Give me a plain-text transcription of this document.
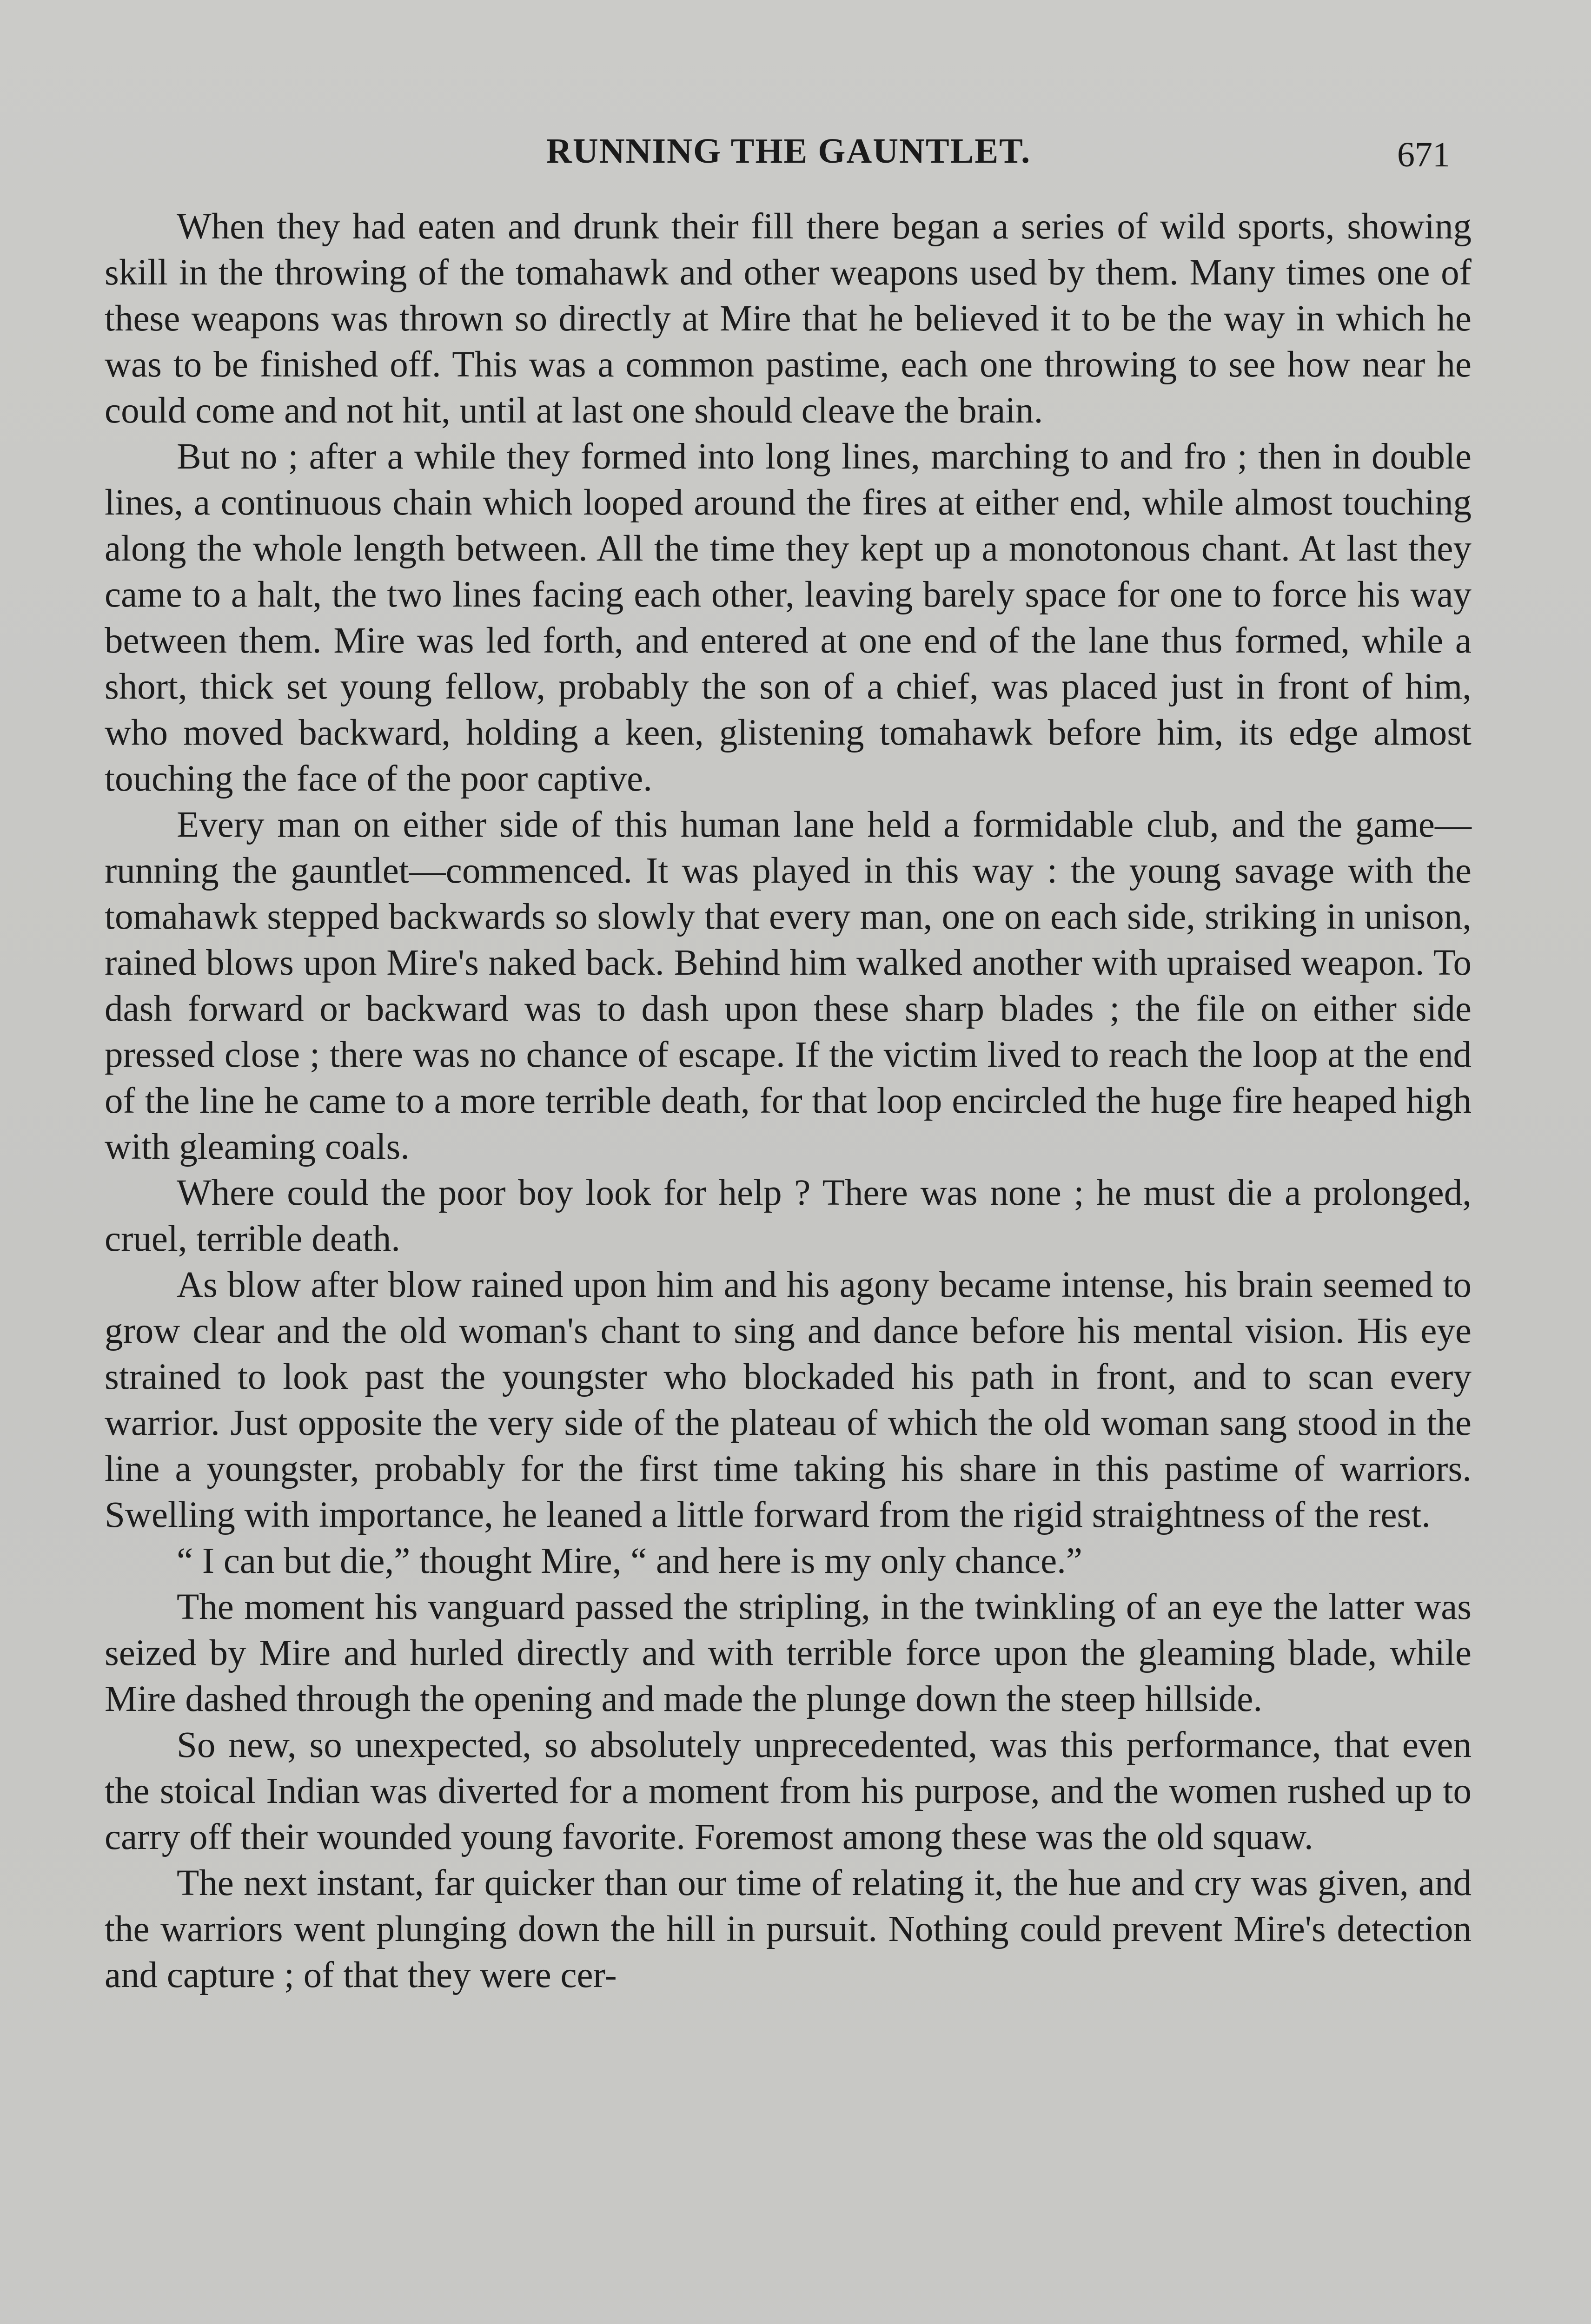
RUNNING THE GAUNTLET.	671

When they had eaten and drunk their fill there began a series of wild sports, showing skill in the throwing of the tomahawk and other weapons used by them. Many times one of these weapons was thrown so directly at Mire that he believed it to be the way in which he was to be finished off. This was a common pastime, each one throwing to see how near he could come and not hit, until at last one should cleave the brain.

But no ; after a while they formed into long lines, marching to and fro ; then in double lines, a continuous chain which looped around the fires at either end, while almost touching along the whole length between. All the time they kept up a monotonous chant. At last they came to a halt, the two lines facing each other, leaving barely space for one to force his way between them. Mire was led forth, and entered at one end of the lane thus formed, while a short, thick set young fellow, probably the son of a chief, was placed just in front of him, who moved backward, holding a keen, glistening tomahawk before him, its edge almost touching the face of the poor captive.

Every man on either side of this human lane held a formidable club, and the game—running the gauntlet—commenced. It was played in this way : the young savage with the tomahawk stepped backwards so slowly that every man, one on each side, striking in unison, rained blows upon Mire's naked back. Behind him walked another with upraised weapon. To dash forward or backward was to dash upon these sharp blades ; the file on either side pressed close ; there was no chance of escape. If the victim lived to reach the loop at the end of the line he came to a more terrible death, for that loop encircled the huge fire heaped high with gleaming coals.

Where could the poor boy look for help ? There was none ; he must die a prolonged, cruel, terrible death.

As blow after blow rained upon him and his agony became intense, his brain seemed to grow clear and the old woman's chant to sing and dance before his mental vision. His eye strained to look past the youngster who blockaded his path in front, and to scan every warrior. Just opposite the very side of the plateau of which the old woman sang stood in the line a youngster, probably for the first time taking his share in this pastime of warriors. Swelling with importance, he leaned a little forward from the rigid straightness of the rest.

“ I can but die,” thought Mire, “ and here is my only chance.”

The moment his vanguard passed the stripling, in the twinkling of an eye the latter was seized by Mire and hurled directly and with terrible force upon the gleaming blade, while Mire dashed through the opening and made the plunge down the steep hillside.

So new, so unexpected, so absolutely unprecedented, was this performance, that even the stoical Indian was diverted for a moment from his purpose, and the women rushed up to carry off their wounded young favorite. Foremost among these was the old squaw.

The next instant, far quicker than our time of relating it, the hue and cry was given, and the warriors went plunging down the hill in pursuit. Nothing could prevent Mire's detection and capture ; of that they were cer-
